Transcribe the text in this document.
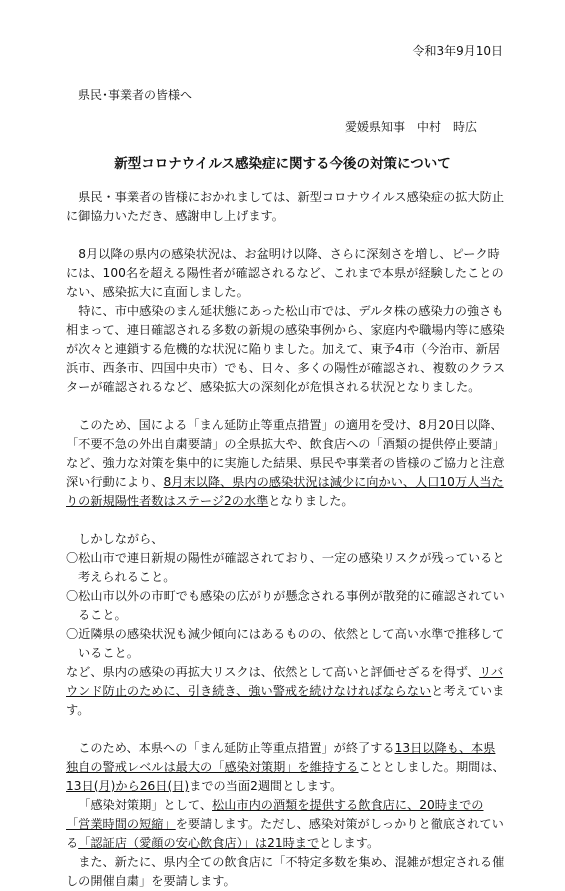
令和3年9月10日
県民･事業者の皆様へ
愛媛県知事　中村　時広
新型コロナウイルス感染症に関する今後の対策について

県民・事業者の皆様におかれましては、新型コロナウイルス感染症の拡大防止に御協力いただき、感謝申し上げます。

8月以降の県内の感染状況は、お盆明け以降、さらに深刻さを増し、ピーク時には、100名を超える陽性者が確認されるなど、これまで本県が経験したことのない、感染拡大に直面しました。

特に、市中感染のまん延状態にあった松山市では、デルタ株の感染力の強さも相まって、連日確認される多数の新規の感染事例から、家庭内や職場内等に感染が次々と連鎖する危機的な状況に陥りました。加えて、東予4市（今治市、新居浜市、西条市、四国中央市）でも、日々、多くの陽性が確認され、複数のクラスターが確認されるなど、感染拡大の深刻化が危惧される状況となりました。

このため、国による「まん延防止等重点措置」の適用を受け、8月20日以降、「不要不急の外出自粛要請」の全県拡大や、飲食店への「酒類の提供停止要請」など、強力な対策を集中的に実施した結果、県民や事業者の皆様のご協力と注意深い行動により、8月末以降、県内の感染状況は減少に向かい、人口10万人当たりの新規陽性者数はステージ2の水準となりました。

しかしながら、

〇松山市で連日新規の陽性が確認されており、一定の感染リスクが残っていると考えられること。
〇松山市以外の市町でも感染の広がりが懸念される事例が散発的に確認されていること。
〇近隣県の感染状況も減少傾向にはあるものの、依然として高い水準で推移していること。

など、県内の感染の再拡大リスクは、依然として高いと評価せざるを得ず、リバウンド防止のために、引き続き、強い警戒を続けなければならないと考えています。

このため、本県への「まん延防止等重点措置」が終了する13日以降も、本県独自の警戒レベルは最大の「感染対策期」を維持することとしました。期間は、13日(月)から26日(日)までの当面2週間とします。

「感染対策期」として、松山市内の酒類を提供する飲食店に、20時までの「営業時間の短縮」を要請します。ただし、感染対策がしっかりと徹底されている「認証店（愛顔の安心飲食店）」は21時までとします。

また、新たに、県内全ての飲食店に「不特定多数を集め、混雑が想定される催しの開催自粛」を要請します。
